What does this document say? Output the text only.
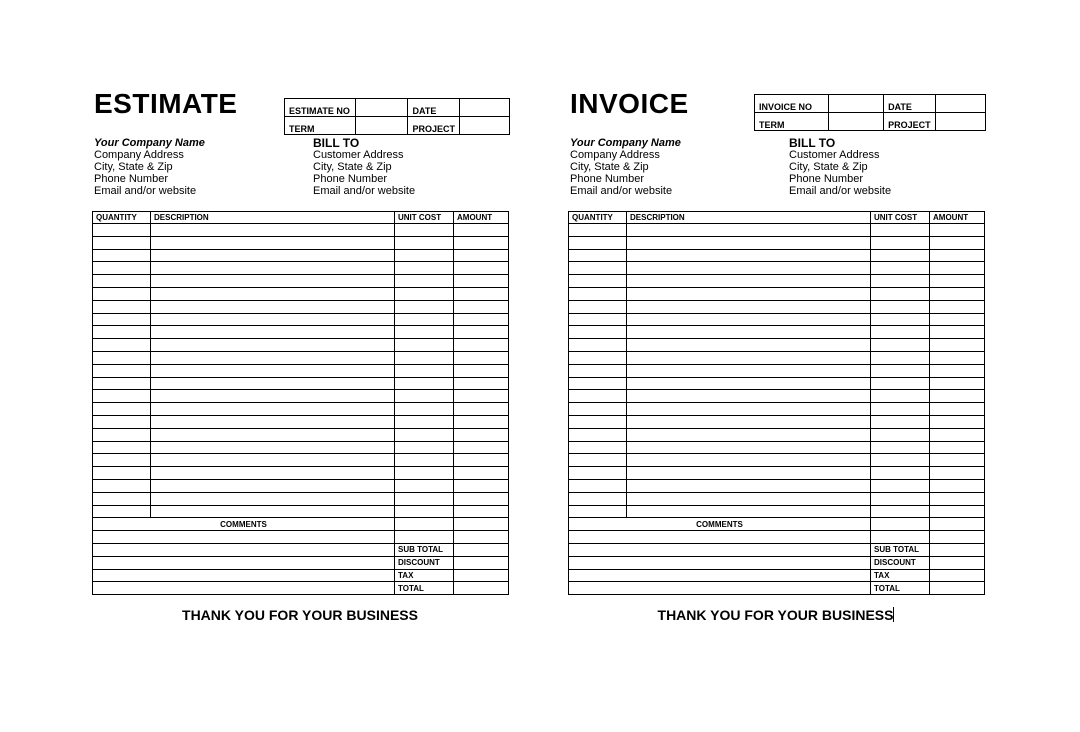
ESTIMATE	ESTIMATE NO		DATE	
TERM		PROJECT	
Your Company Name
Company Address
City, State & Zip
Phone Number
Email and/or website
BILL TO
Customer Address
City, State & Zip
Phone Number
Email and/or website
QUANTITY	DESCRIPTION	UNIT COST	AMOUNT

COMMENTS			

		SUB TOTAL	
		DISCOUNT	
		TAX	
		TOTAL	
THANK YOU FOR YOUR BUSINESS
INVOICE	INVOICE NO		DATE	
TERM		PROJECT	
Your Company Name
Company Address
City, State & Zip
Phone Number
Email and/or website
BILL TO
Customer Address
City, State & Zip
Phone Number
Email and/or website
QUANTITY	DESCRIPTION	UNIT COST	AMOUNT

COMMENTS			

		SUB TOTAL	
		DISCOUNT	
		TAX	
		TOTAL	
THANK YOU FOR YOUR BUSINESS
